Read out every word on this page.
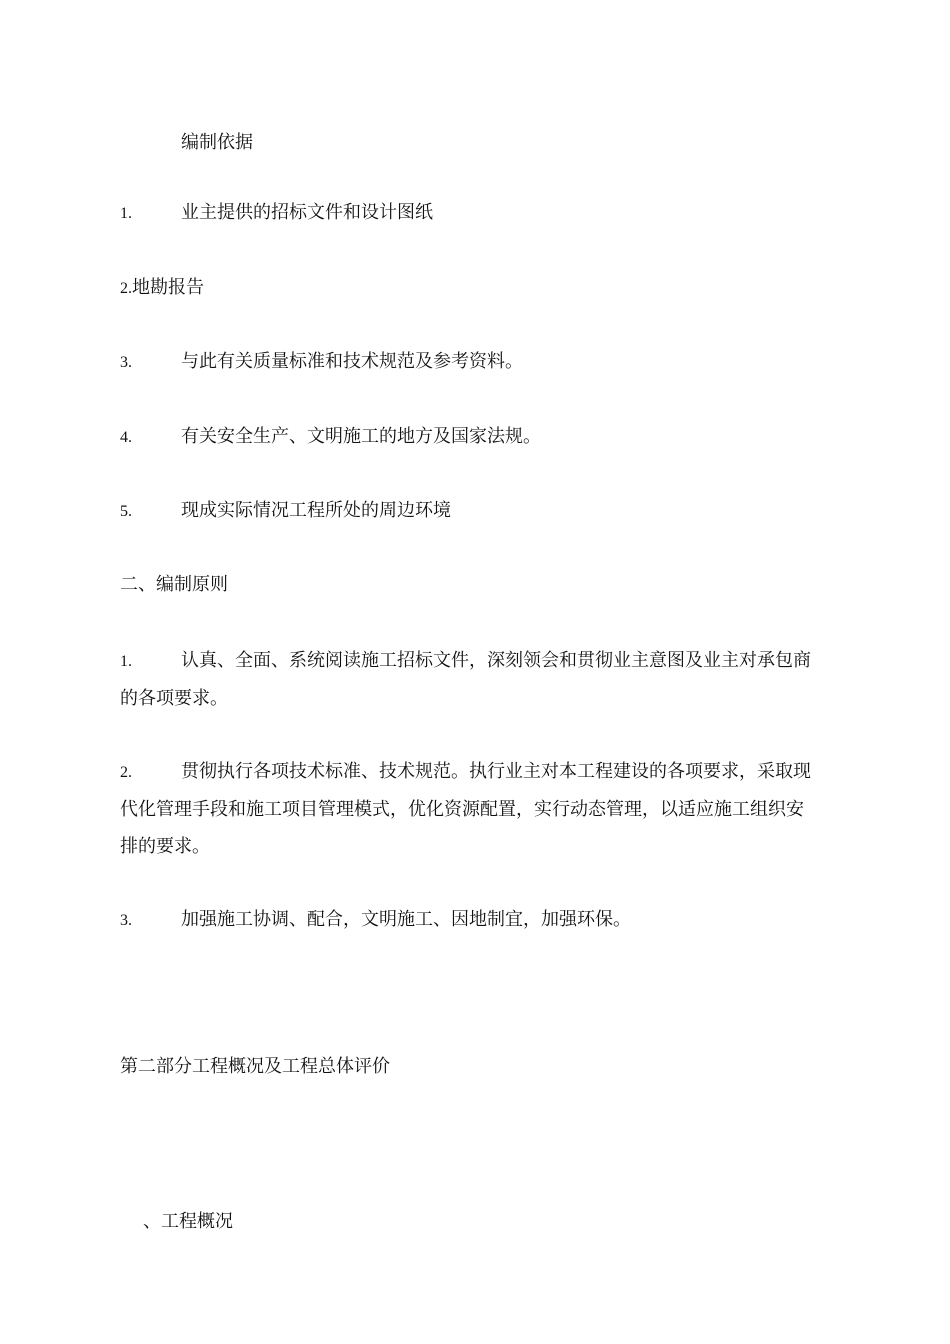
编制依据
1.	业主提供的招标文件和设计图纸
2.地勘报告
3.	与此有关质量标准和技术规范及参考资料。
4.	有关安全生产、文明施工的地方及国家法规。
5.	现成实际情况工程所处的周边环境
二、编制原则
1.	认真、全面、系统阅读施工招标文件，深刻领会和贯彻业主意图及业主对承包商的各项要求。
2.	贯彻执行各项技术标准、技术规范。执行业主对本工程建设的各项要求，采取现代化管理手段和施工项目管理模式，优化资源配置，实行动态管理，以适应施工组织安排的要求。
3.	加强施工协调、配合，文明施工、因地制宜，加强环保。
第二部分工程概况及工程总体评价
、工程概况
